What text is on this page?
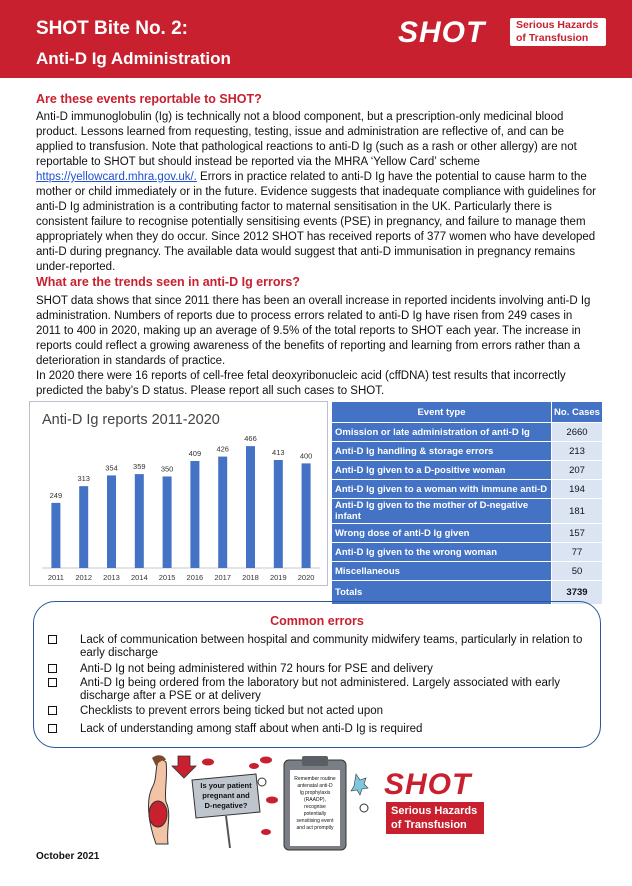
SHOT Bite No. 2:
Anti-D Ig Administration
SHOT	Serious Hazards
of Transfusion
Are these events reportable to SHOT?

Anti-D immunoglobulin (Ig) is technically not a blood component, but a prescription-only medicinal blood product. Lessons learned from requesting, testing, issue and administration are reflective of, and can be applied to transfusion. Note that pathological reactions to anti-D Ig (such as a rash or other allergy) are not reportable to SHOT but should instead be reported via the MHRA ‘Yellow Card’ scheme https://yellowcard.mhra.gov.uk/. Errors in practice related to anti-D Ig have the potential to cause harm to the mother or child immediately or in the future. Evidence suggests that inadequate compliance with guidelines for anti-D Ig administration is a contributing factor to maternal sensitisation in the UK. Particularly there is consistent failure to recognise potentially sensitising events (PSE) in pregnancy, and failure to manage them appropriately when they do occur. Since 2012 SHOT has received reports of 377 women who have developed anti-D during pregnancy. The available data would suggest that anti-D immunisation in pregnancy remains under-reported.

What are the trends seen in anti-D Ig errors?

SHOT data shows that since 2011 there has been an overall increase in reported incidents involving anti-D Ig administration. Numbers of reports due to process errors related to anti-D Ig have risen from 249 cases in 2011 to 400 in 2020, making up an average of 9.5% of the total reports to SHOT each year. The increase in reports could reflect a growing awareness of the benefits of reporting and learning from errors rather than a deterioration in standards of practice.

In 2020 there were 16 reports of cell-free fetal deoxyribonucleic acid (cffDNA) test results that incorrectly predicted the baby’s D status. Please report all such cases to SHOT.

Anti-D Ig reports 2011-2020
249
2011
313
2012
354
2013
359
2014
350
2015
409
2016
426
2017
466
2018
413
2019
400
2020
Event type	No. Cases
Omission or late administration of anti-D Ig	2660
Anti-D Ig handling & storage errors	213
Anti-D Ig given to a D-positive woman	207
Anti-D Ig given to a woman with immune anti-D	194
Anti-D Ig given to the mother of D-negative infant	181
Wrong dose of anti-D Ig given	157
Anti-D Ig given to the wrong woman	77
Miscellaneous	50
Totals	3739
Common errors
Lack of communication between hospital and community midwifery teams, particularly in relation to early discharge
Anti-D Ig not being administered within 72 hours for PSE and delivery
Anti-D Ig being ordered from the laboratory but not administered. Largely associated with early discharge after a PSE or at delivery
Checklists to prevent errors being ticked but not acted upon
Lack of understanding among staff about when anti-D Ig is required
Is your patient
pregnant and
D-negative?
Remember routine
antenatal anti-D
Ig prophylaxis
(RAADP),
recognise
potentially
sensitising event
and act promptly
SHOT
Serious Hazards
of Transfusion
October 2021
